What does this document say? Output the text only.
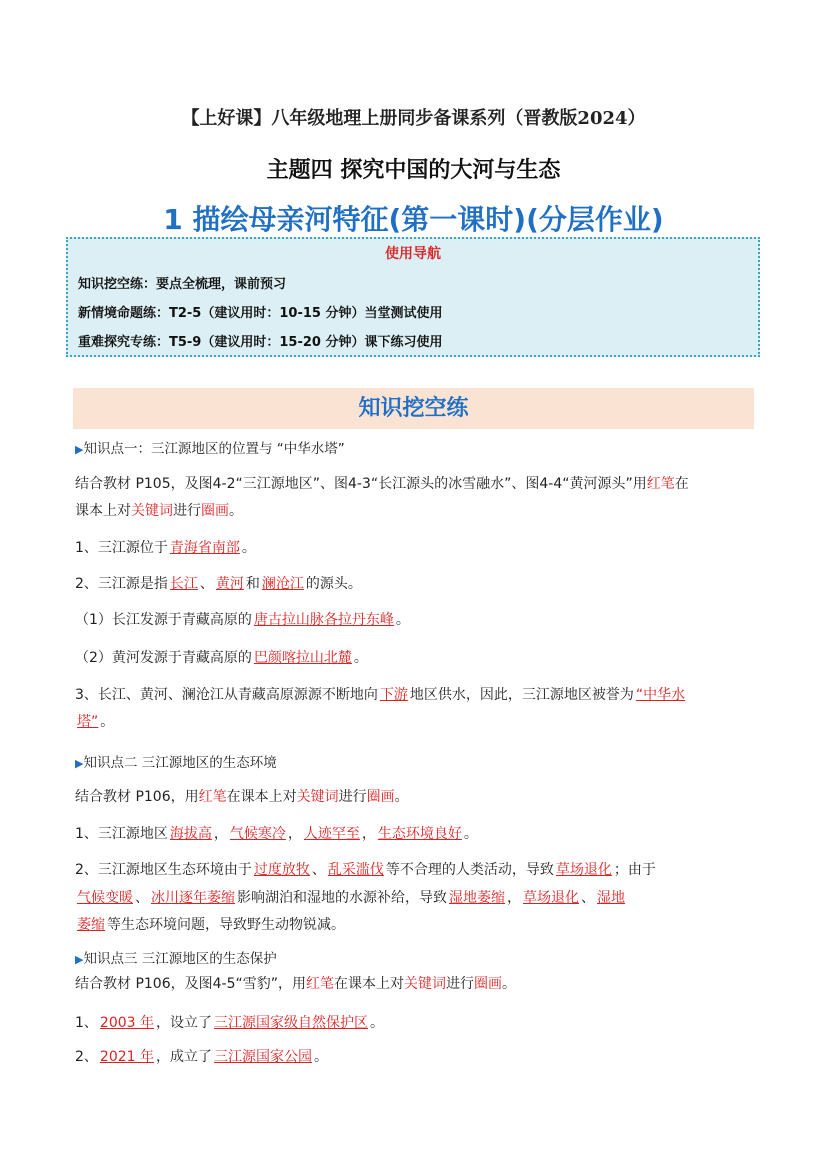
【上好课】八年级地理上册同步备课系列（晋教版2024）
主题四 探究中国的大河与生态
1 描绘母亲河特征(第一课时)(分层作业)
使用导航
知识挖空练：要点全梳理，课前预习
新情境命题练：T2-5（建议用时：10-15 分钟）当堂测试使用
重难探究专练：T5-9（建议用时：15-20 分钟）课下练习使用
知识挖空练
▶知识点一：三江源地区的位置与 “中华水塔”
结合教材 P105，及图4-2“三江源地区”、图4-3“长江源头的冰雪融水”、图4-4“黄河源头”用红笔在
课本上对关键词进行圈画。
1、三江源位于 青海省南部 。
2、三江源是指 长江 、 黄河 和 澜沧江 的源头。
（1）长江发源于青藏高原的 唐古拉山脉各拉丹东峰 。
（2）黄河发源于青藏高原的 巴颜喀拉山北麓 。
3、长江、黄河、澜沧江从青藏高原源源不断地向 下游 地区供水，因此，三江源地区被誉为 “中华水
塔” 。
▶知识点二 三江源地区的生态环境
结合教材 P106，用红笔在课本上对关键词进行圈画。
1、三江源地区 海拔高 ， 气候寒冷 ， 人迹罕至 ， 生态环境良好 。
2、三江源地区生态环境由于 过度放牧 、 乱采滥伐 等不合理的人类活动，导致 草场退化 ；由于
气候变暖 、 冰川逐年萎缩 影响湖泊和湿地的水源补给，导致 湿地萎缩 ， 草场退化 、 湿地
萎缩 等生态环境问题，导致野生动物锐减。
▶知识点三 三江源地区的生态保护
结合教材 P106，及图4-5“雪豹”，用红笔在课本上对关键词进行圈画。
1、 2003 年 ，设立了 三江源国家级自然保护区 。
2、 2021 年 ，成立了 三江源国家公园 。
